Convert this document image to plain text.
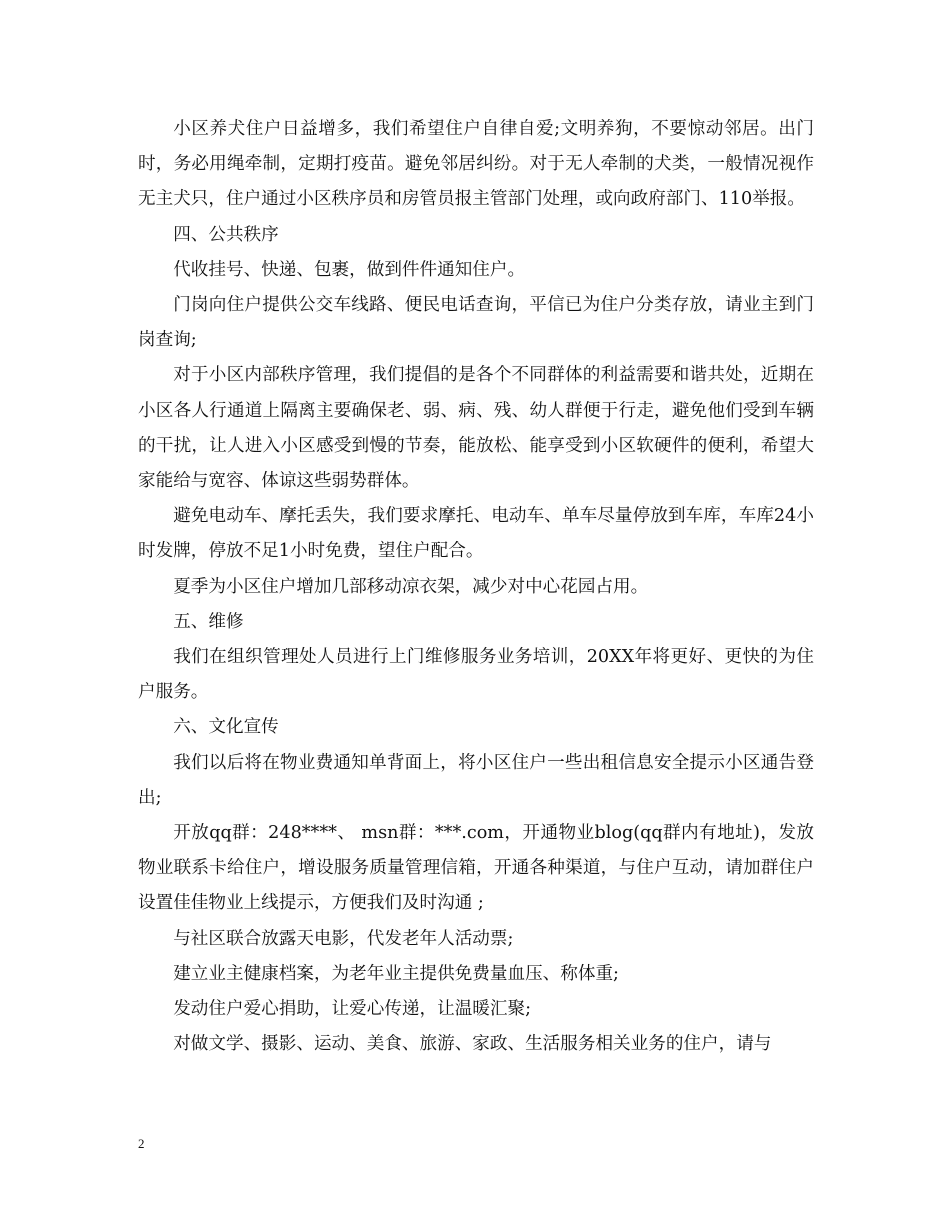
小区养犬住户日益增多，我们希望住户自律自爱;文明养狗，不要惊动邻居。出门时，务必用绳牵制，定期打疫苗。避免邻居纠纷。对于无人牵制的犬类，一般情况视作无主犬只，住户通过小区秩序员和房管员报主管部门处理，或向政府部门、110举报。

四、公共秩序

代收挂号、快递、包裹，做到件件通知住户。

门岗向住户提供公交车线路、便民电话查询，平信已为住户分类存放，请业主到门岗查询;

对于小区内部秩序管理，我们提倡的是各个不同群体的利益需要和谐共处，近期在小区各人行通道上隔离主要确保老、弱、病、残、幼人群便于行走，避免他们受到车辆的干扰，让人进入小区感受到慢的节奏，能放松、能享受到小区软硬件的便利，希望大家能给与宽容、体谅这些弱势群体。

避免电动车、摩托丢失，我们要求摩托、电动车、单车尽量停放到车库，车库24小时发牌，停放不足1小时免费，望住户配合。

夏季为小区住户增加几部移动凉衣架，减少对中心花园占用。

五、维修

我们在组织管理处人员进行上门维修服务业务培训，20XX年将更好、更快的为住户服务。

六、文化宣传

我们以后将在物业费通知单背面上，将小区住户一些出租信息安全提示小区通告登出;

开放qq群：248****、 msn群：***.com，开通物业blog(qq群内有地址)，发放物业联系卡给住户，增设服务质量管理信箱，开通各种渠道，与住户互动，请加群住户设置佳佳物业上线提示，方便我们及时沟通 ;

与社区联合放露天电影，代发老年人活动票;

建立业主健康档案，为老年业主提供免费量血压、称体重;

发动住户爱心捐助，让爱心传递，让温暖汇聚;

对做文学、摄影、运动、美食、旅游、家政、生活服务相关业务的住户，请与

2
